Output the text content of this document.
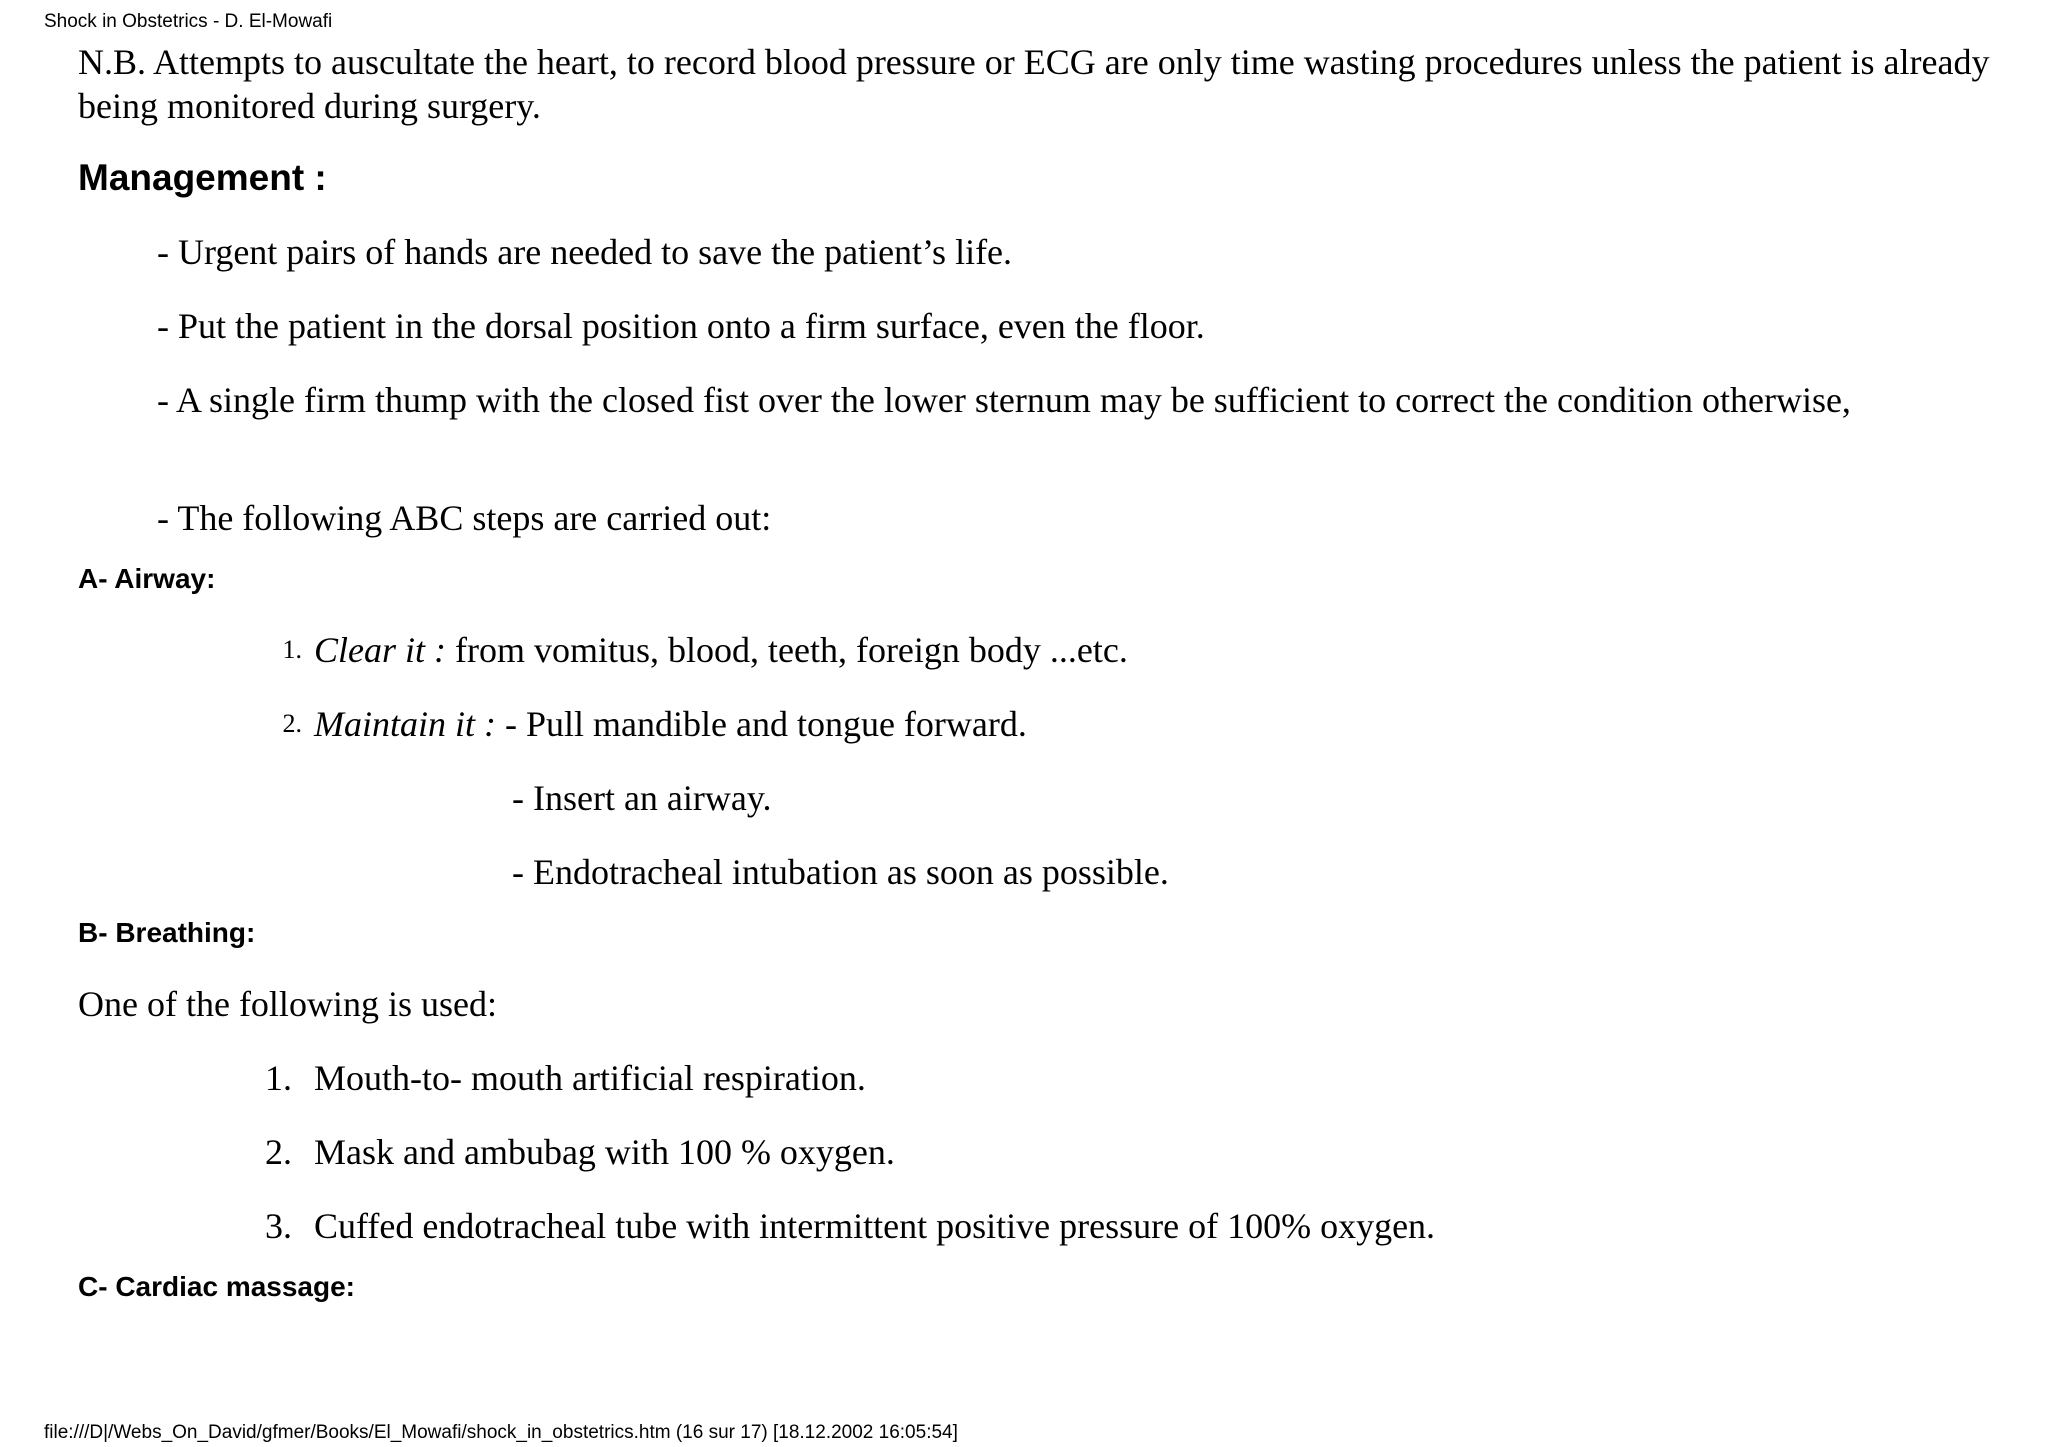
Shock in Obstetrics - D. El-Mowafi
N.B. Attempts to auscultate the heart, to record blood pressure or ECG are only time wasting procedures unless the patient is already being monitored during surgery.
Management :
- Urgent pairs of hands are needed to save the patient’s life.
- Put the patient in the dorsal position onto a firm surface, even the floor.
- A single firm thump with the closed fist over the lower sternum may be sufficient to correct the condition otherwise,
- The following ABC steps are carried out:
A- Airway:
1. Clear it : from vomitus, blood, teeth, foreign body ...etc.
2. Maintain it : - Pull mandible and tongue forward.
- Insert an airway.
- Endotracheal intubation as soon as possible.
B- Breathing:
One of the following is used:
1. Mouth-to- mouth artificial respiration.
2. Mask and ambubag with 100 % oxygen.
3. Cuffed endotracheal tube with intermittent positive pressure of 100% oxygen.
C- Cardiac massage:
file:///D|/Webs_On_David/gfmer/Books/El_Mowafi/shock_in_obstetrics.htm (16 sur 17) [18.12.2002 16:05:54]
